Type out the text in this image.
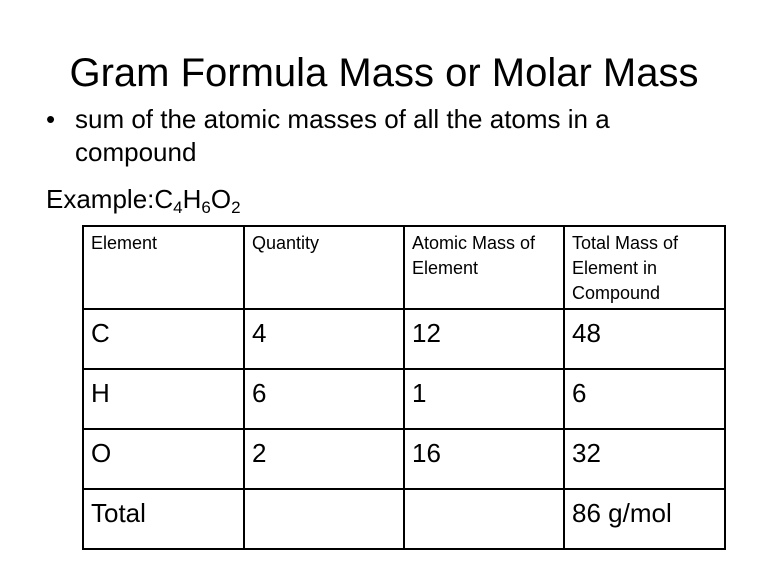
Gram Formula Mass or Molar Mass
• sum of the atomic masses of all the atoms in a compound
$Example:C_4H_6O_2$
Element	Quantity	Atomic Mass of Element	Total Mass of Element in Compound
C	4	12	48
H	6	1	6
O	2	16	32
Total			86 g/mol
